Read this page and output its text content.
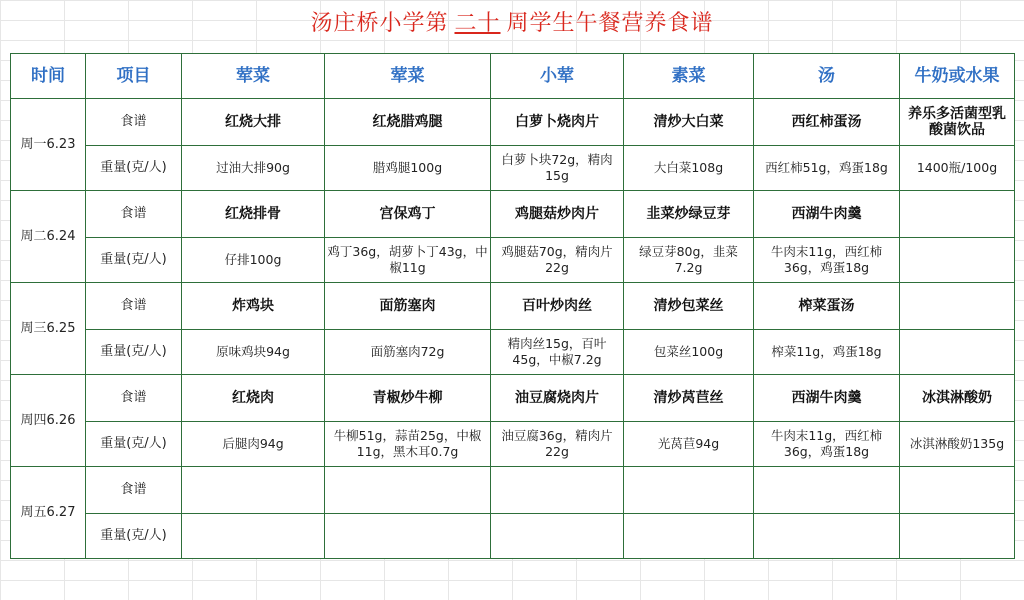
汤庄桥小学第 二十 周学生午餐营养食谱
时间	项目	荤菜	荤菜	小荤	素菜	汤	牛奶或水果
周一6.23	食谱	红烧大排	红烧腊鸡腿	白萝卜烧肉片	清炒大白菜	西红柿蛋汤	养乐多活菌型乳酸菌饮品
	重量(克/人)	过油大排90g	腊鸡腿100g	白萝卜块72g，精肉15g	大白菜108g	西红柿51g，鸡蛋18g	1400瓶/100g
周二6.24	食谱	红烧排骨	宫保鸡丁	鸡腿菇炒肉片	韭菜炒绿豆芽	西湖牛肉羹	
	重量(克/人)	仔排100g	鸡丁36g，胡萝卜丁43g，中椒11g	鸡腿菇70g，精肉片22g	绿豆芽80g，韭菜7.2g	牛肉末11g，西红柿36g，鸡蛋18g	
周三6.25	食谱	炸鸡块	面筋塞肉	百叶炒肉丝	清炒包菜丝	榨菜蛋汤	
	重量(克/人)	原味鸡块94g	面筋塞肉72g	精肉丝15g，百叶45g，中椒7.2g	包菜丝100g	榨菜11g，鸡蛋18g	
周四6.26	食谱	红烧肉	青椒炒牛柳	油豆腐烧肉片	清炒莴苣丝	西湖牛肉羹	冰淇淋酸奶
	重量(克/人)	后腿肉94g	牛柳51g，蒜苗25g，中椒11g，黑木耳0.7g	油豆腐36g，精肉片22g	光莴苣94g	牛肉末11g，西红柿36g，鸡蛋18g	冰淇淋酸奶135g
周五6.27	食谱						
	重量(克/人)						
